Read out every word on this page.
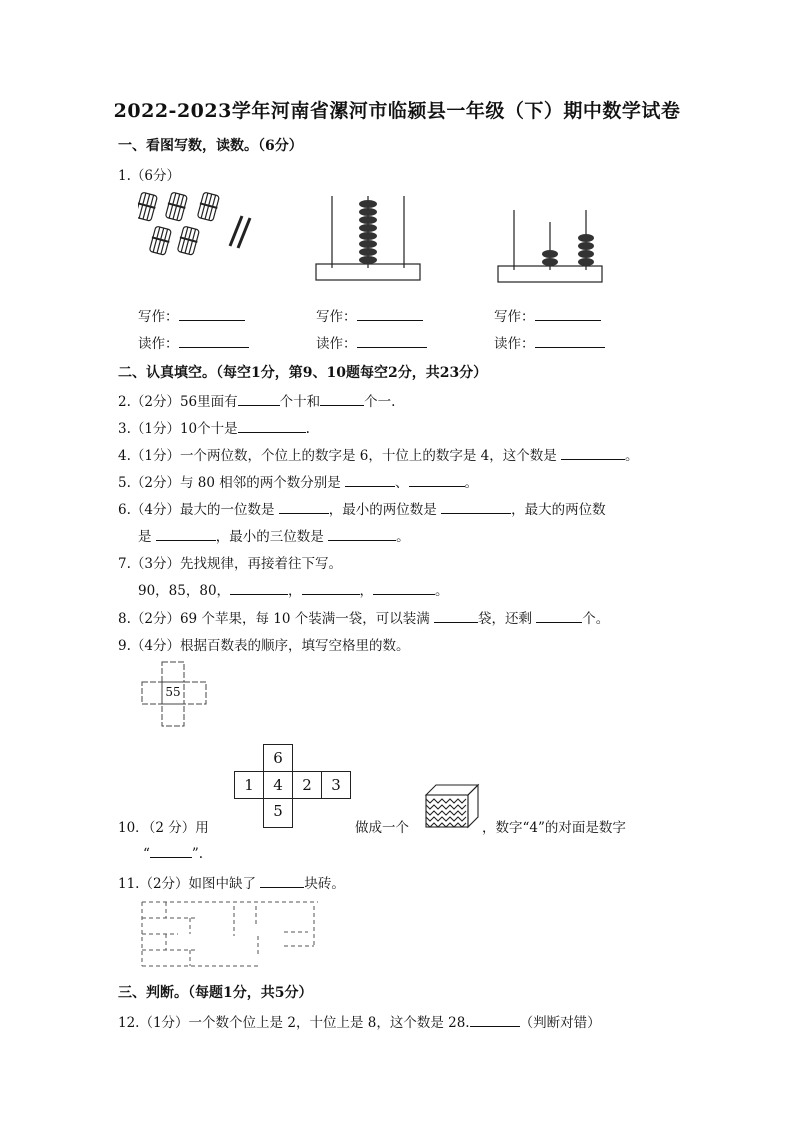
2022-2023学年河南省漯河市临颍县一年级（下）期中数学试卷
一、看图写数，读数。（6分）
1.（6分）
写作：	写作：	写作：
读作：	读作：	读作：
二、认真填空。（每空1分，第9、10题每空2分，共23分）
2.（2分）56里面有	个十和	个一.
3.（1分）10个十是	.
4.（1分）一个两位数，个位上的数字是 6，十位上的数字是 4，这个数是	。
5.（2分）与 80 相邻的两个数分别是	、	。
6.（4分）最大的一位数是	，最小的两位数是	，最大的两位数
是	，最小的三位数是	。
7.（3分）先找规律，再接着往下写。
90，85，80，	，	，	。
8.（2分）69 个苹果，每 10 个装满一袋，可以装满	袋，还剩	个。
9.（4分）根据百数表的顺序，填写空格里的数。
55
6
1	4	2	3
5
10．（2 分）用	做成一个	，数字“4”的对面是数字
“	”.
11.（2分）如图中缺了	块砖。
三、判断。（每题1分，共5分）
12.（1分）一个数个位上是 2，十位上是 8，这个数是 28.	（判断对错）
